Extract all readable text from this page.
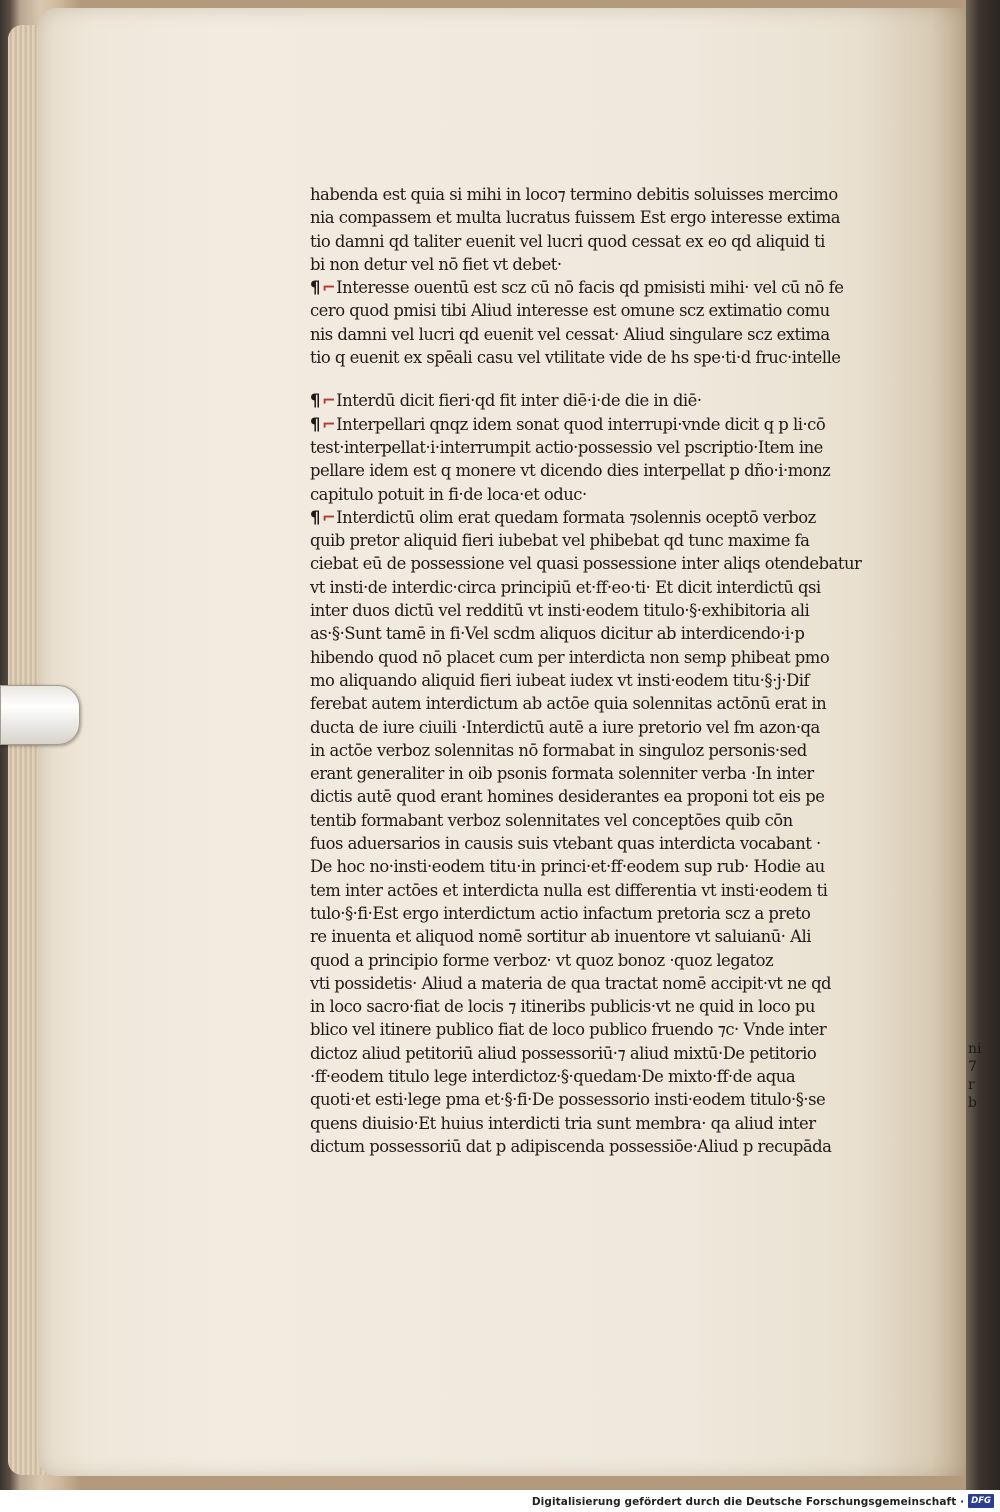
ni
7
r
b
habenda est quia si mihi in loco⁊ termino debitis soluisses mercimo
nia compassem et multa lucratus fuissem Est ergo interesse extima
tio damni qd taliter euenit vel lucri quod cessat ex eo qd aliquid ti
bi non detur vel nō fiet vt debet·
¶ ⌐Interesse ouentū est scz cū nō facis qd pmisisti mihi· vel cū nō fe
cero quod pmisi tibi Aliud interesse est omune scz extimatio comu
nis damni vel lucri qd euenit vel cessat· Aliud singulare scz extima
tio q euenit ex spēali casu vel vtilitate vide de hs spe·ti·d fruc·intelle
¶ ⌐Interdū dicit fieri·qd fit inter diē·i·de die in diē·
¶ ⌐Interpellari qnqz idem sonat quod interrupi·vnde dicit q p li·cō
test·interpellat·i·interrumpit actio·possessio vel pscriptio·Item ine
pellare idem est q monere vt dicendo dies interpellat p dño·i·monz
capitulo potuit in fi·de loca·et oduc·
¶ ⌐Interdictū olim erat quedam formata ⁊solennis oceptō verboz
quib pretor aliquid fieri iubebat vel phibebat qd tunc maxime fa
ciebat eū de possessione vel quasi possessione inter aliqs otendebatur
vt insti·de interdic·circa principiū et·ff·eo·ti· Et dicit interdictū qsi
inter duos dictū vel redditū vt insti·eodem titulo·§·exhibitoria ali
as·§·Sunt tamē in fi·Vel scdm aliquos dicitur ab interdicendo·i·p
hibendo quod nō placet cum per interdicta non semp phibeat pmo
mo aliquando aliquid fieri iubeat iudex vt insti·eodem titu·§·j·Dif
ferebat autem interdictum ab actōe quia solennitas actōnū erat in
ducta de iure ciuili ·Interdictū autē a iure pretorio vel fm azon·qa
in actōe verboz solennitas nō formabat in singuloz personis·sed
erant generaliter in oib psonis formata solenniter verba ·In inter
dictis autē quod erant homines desiderantes ea proponi tot eis pe
tentib formabant verboz solennitates vel conceptōes quib cōn
fuos aduersarios in causis suis vtebant quas interdicta vocabant ·
De hoc no·insti·eodem titu·in princi·et·ff·eodem sup rub· Hodie au
tem inter actōes et interdicta nulla est differentia vt insti·eodem ti
tulo·§·fi·Est ergo interdictum actio infactum pretoria scz a preto
re inuenta et aliquod nomē sortitur ab inuentore vt saluianū· Ali
quod a principio forme verboz· vt quoz bonoz ·quoz legatoz
vti possidetis· Aliud a materia de qua tractat nomē accipit·vt ne qd
in loco sacro·fiat de locis ⁊ itineribs publicis·vt ne quid in loco pu
blico vel itinere publico fiat de loco publico fruendo ⁊c· Vnde inter
dictoz aliud petitoriū aliud possessoriū·⁊ aliud mixtū·De petitorio
·ff·eodem titulo lege interdictoz·§·quedam·De mixto·ff·de aqua
quoti·et esti·lege pma et·§·fi·De possessorio insti·eodem titulo·§·se
quens diuisio·Et huius interdicti tria sunt membra· qa aliud inter
dictum possessoriū dat p adipiscenda possessiōe·Aliud p recupāda
Digitalisierung gefördert durch die Deutsche Forschungsgemeinschaft · DFG
